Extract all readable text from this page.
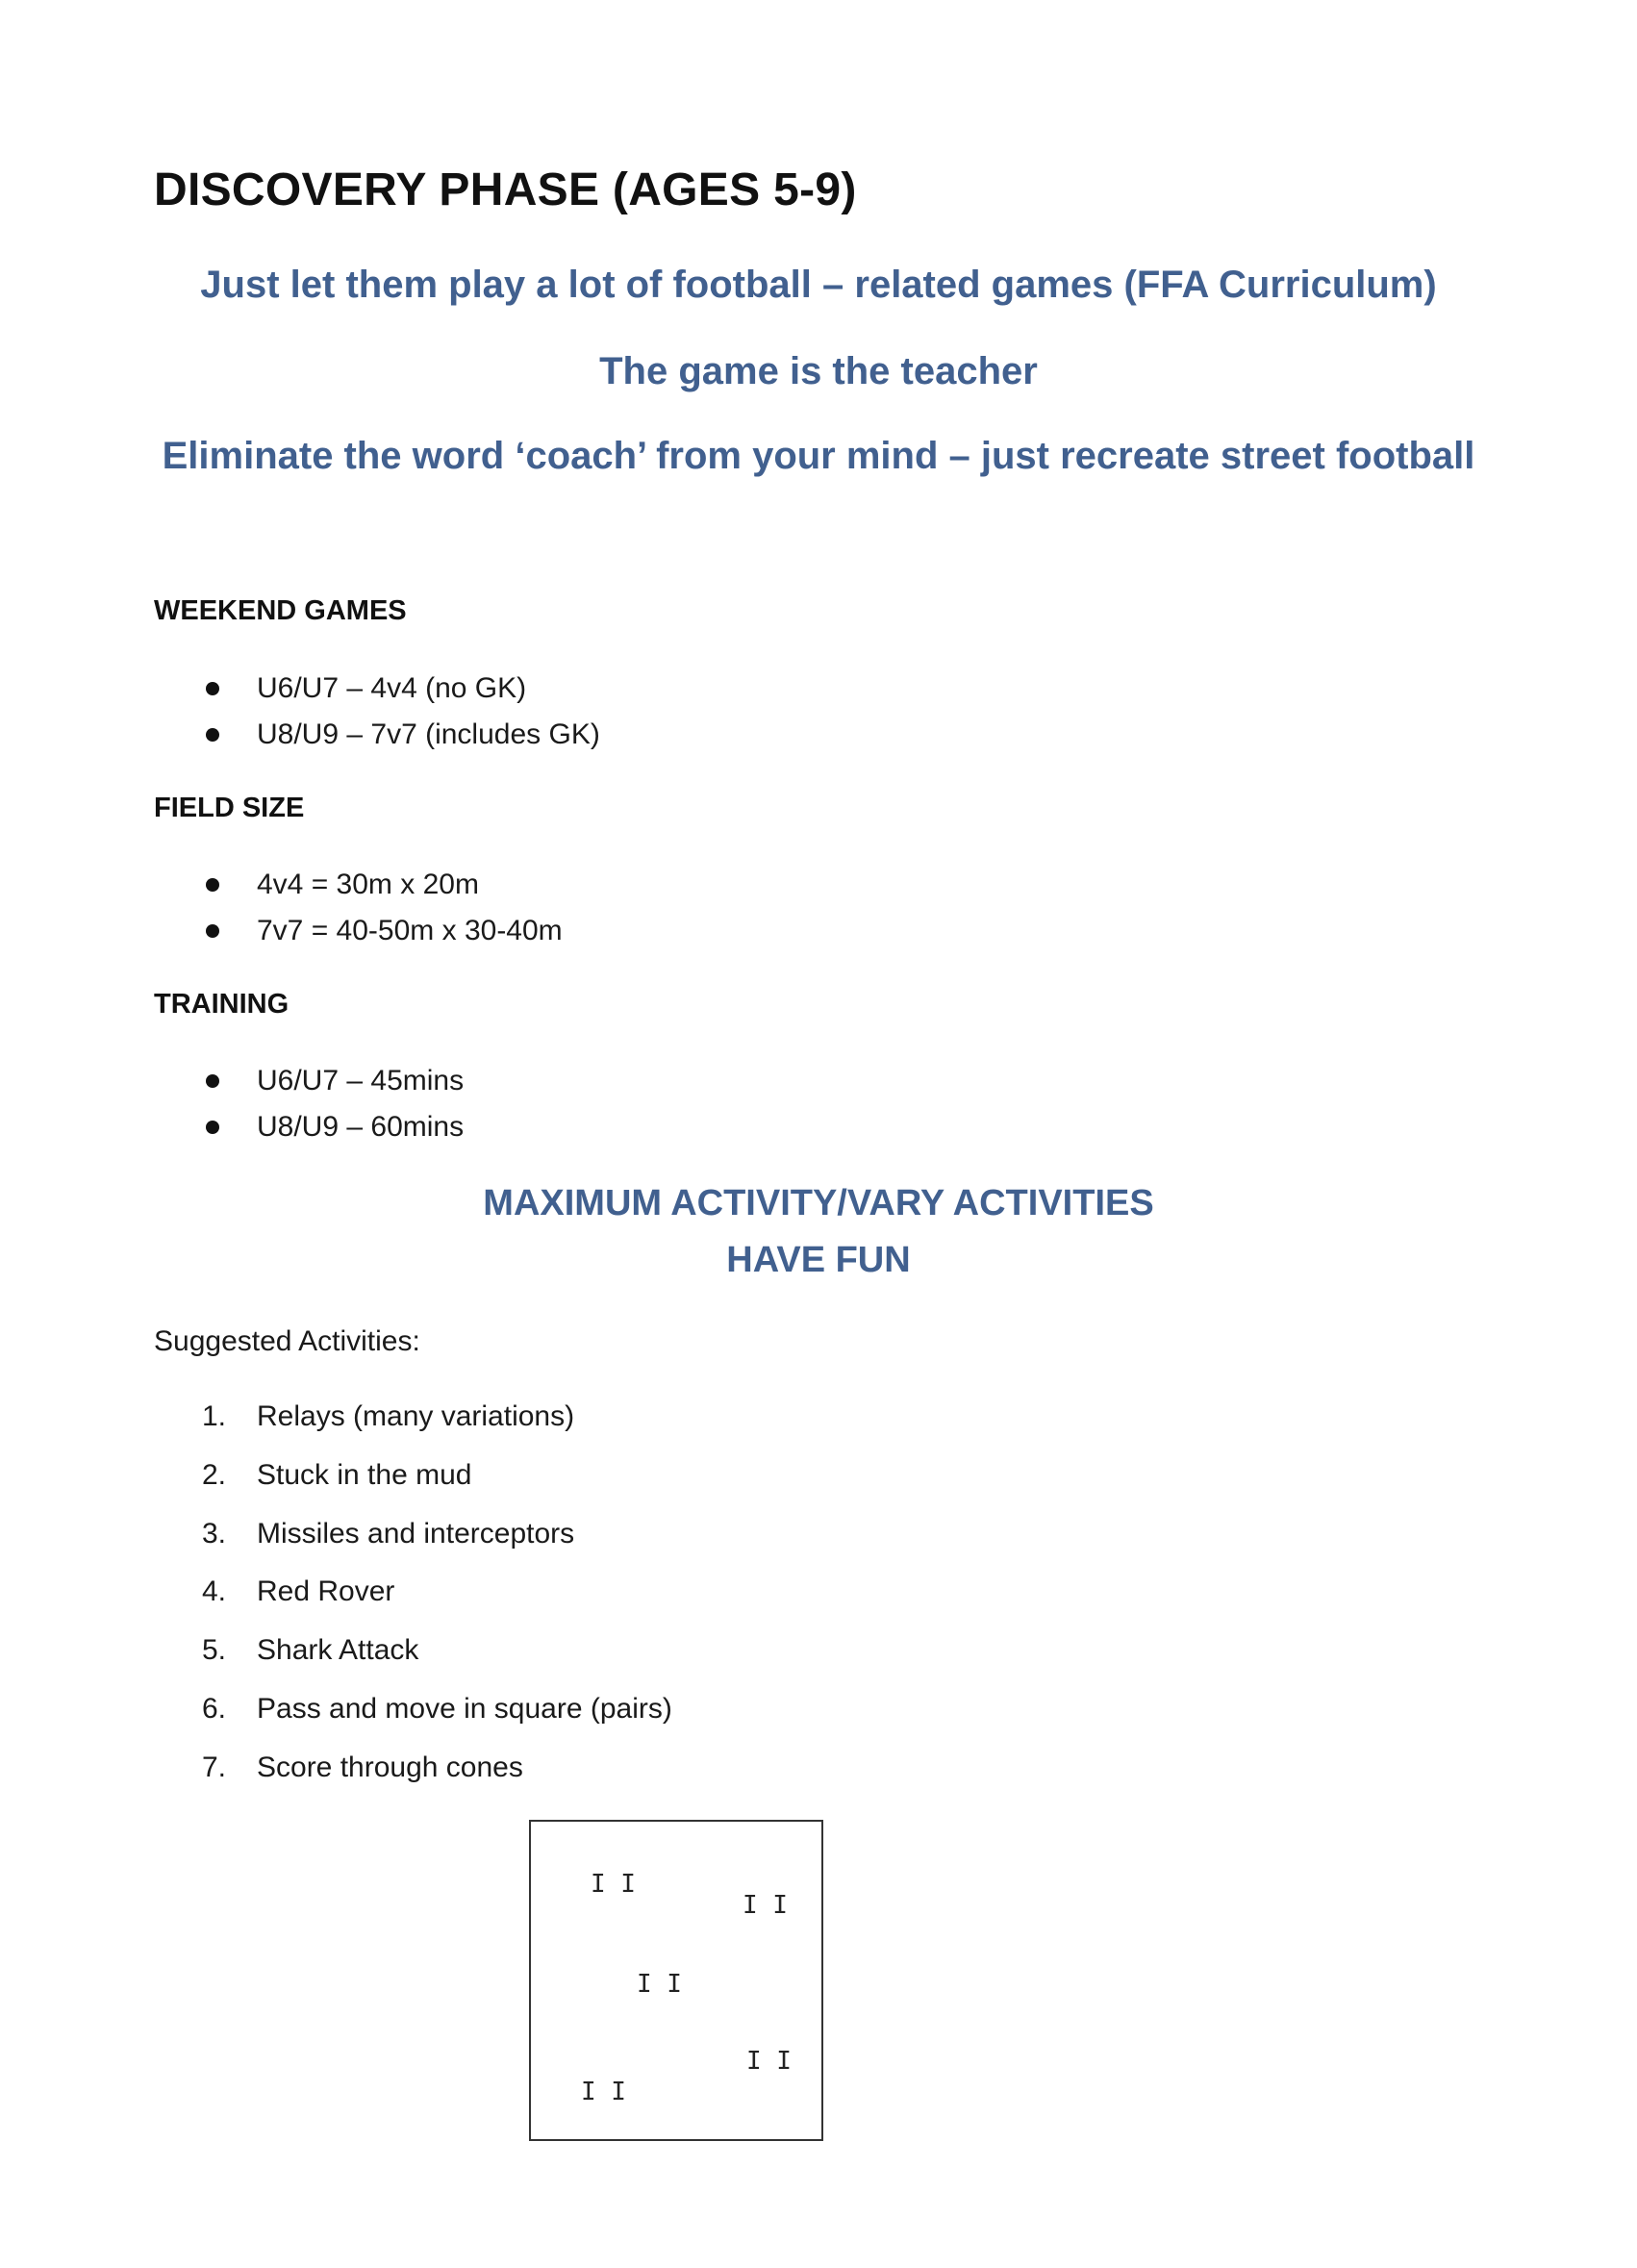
DISCOVERY PHASE (AGES 5-9)
Just let them play a lot of football – related games (FFA Curriculum)
The game is the teacher
Eliminate the word ‘coach’ from your mind – just recreate street football
WEEKEND GAMES
U6/U7 – 4v4 (no GK)
U8/U9 – 7v7 (includes GK)
FIELD SIZE
4v4 = 30m x 20m
7v7 = 40-50m x 30-40m
TRAINING
U6/U7 – 45mins
U8/U9 – 60mins
MAXIMUM ACTIVITY/VARY ACTIVITIES
HAVE FUN
Suggested Activities:
1. Relays (many variations)
2. Stuck in the mud
3. Missiles and interceptors
4. Red Rover
5. Shark Attack
6. Pass and move in square (pairs)
7. Score through cones
I I
I I
I I
I I
I I
